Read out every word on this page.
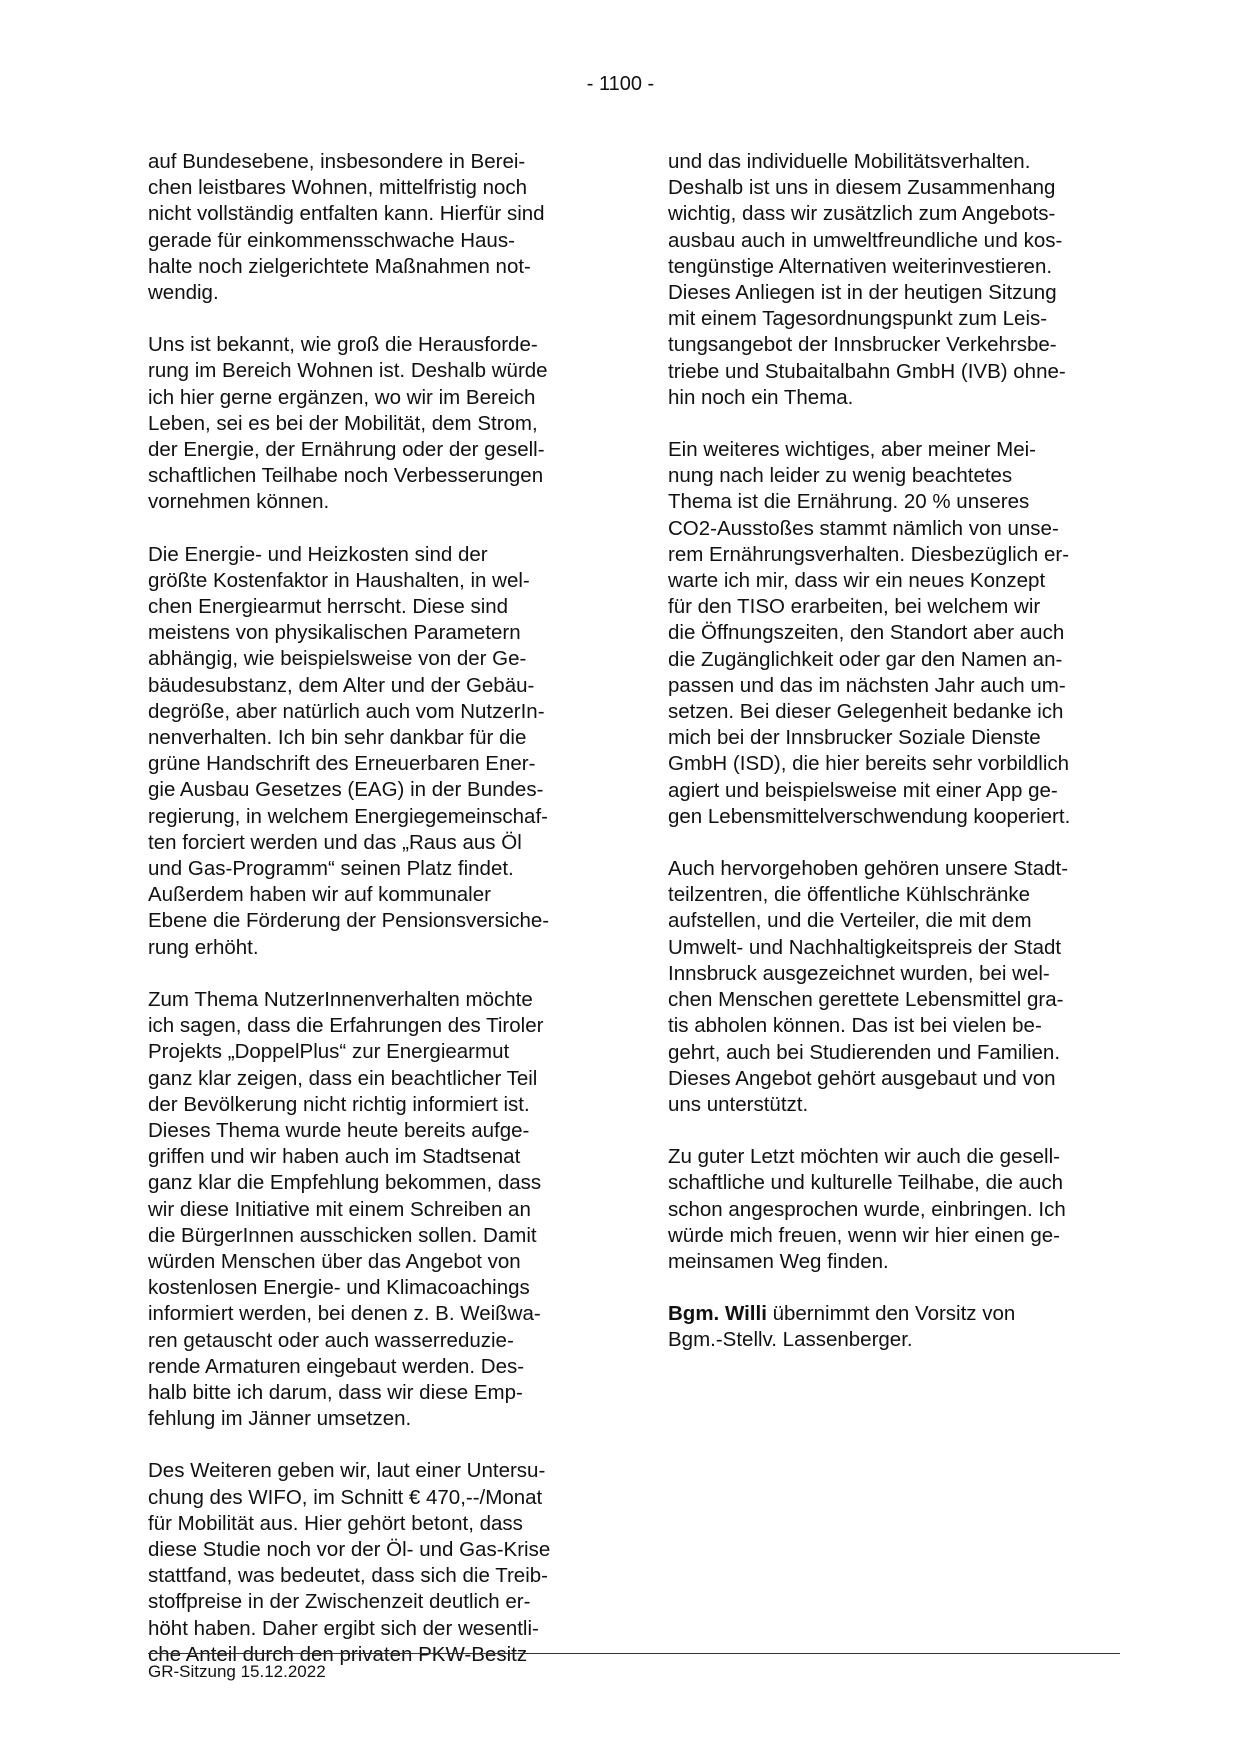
- 1100 -

auf Bundesebene, insbesondere in Berei-
chen leistbares Wohnen, mittelfristig noch
nicht vollständig entfalten kann. Hierfür sind
gerade für einkommensschwache Haus-
halte noch zielgerichtete Maßnahmen not-
wendig.

Uns ist bekannt, wie groß die Herausforde-
rung im Bereich Wohnen ist. Deshalb würde
ich hier gerne ergänzen, wo wir im Bereich
Leben, sei es bei der Mobilität, dem Strom,
der Energie, der Ernährung oder der gesell-
schaftlichen Teilhabe noch Verbesserungen
vornehmen können.

Die Energie- und Heizkosten sind der
größte Kostenfaktor in Haushalten, in wel-
chen Energiearmut herrscht. Diese sind
meistens von physikalischen Parametern
abhängig, wie beispielsweise von der Ge-
bäudesubstanz, dem Alter und der Gebäu-
degröße, aber natürlich auch vom NutzerIn-
nenverhalten. Ich bin sehr dankbar für die
grüne Handschrift des Erneuerbaren Ener-
gie Ausbau Gesetzes (EAG) in der Bundes-
regierung, in welchem Energiegemeinschaf-
ten forciert werden und das „Raus aus Öl
und Gas-Programm“ seinen Platz findet.
Außerdem haben wir auf kommunaler
Ebene die Förderung der Pensionsversiche-
rung erhöht.

Zum Thema NutzerInnenverhalten möchte
ich sagen, dass die Erfahrungen des Tiroler
Projekts „DoppelPlus“ zur Energiearmut
ganz klar zeigen, dass ein beachtlicher Teil
der Bevölkerung nicht richtig informiert ist.
Dieses Thema wurde heute bereits aufge-
griffen und wir haben auch im Stadtsenat
ganz klar die Empfehlung bekommen, dass
wir diese Initiative mit einem Schreiben an
die BürgerInnen ausschicken sollen. Damit
würden Menschen über das Angebot von
kostenlosen Energie- und Klimacoachings
informiert werden, bei denen z. B. Weißwa-
ren getauscht oder auch wasserreduzie-
rende Armaturen eingebaut werden. Des-
halb bitte ich darum, dass wir diese Emp-
fehlung im Jänner umsetzen.

Des Weiteren geben wir, laut einer Untersu-
chung des WIFO, im Schnitt € 470,--/Monat
für Mobilität aus. Hier gehört betont, dass
diese Studie noch vor der Öl- und Gas-Krise
stattfand, was bedeutet, dass sich die Treib-
stoffpreise in der Zwischenzeit deutlich er-
höht haben. Daher ergibt sich der wesentli-
che Anteil durch den privaten PKW-Besitz

und das individuelle Mobilitätsverhalten.
Deshalb ist uns in diesem Zusammenhang
wichtig, dass wir zusätzlich zum Angebots-
ausbau auch in umweltfreundliche und kos-
tengünstige Alternativen weiterinvestieren.
Dieses Anliegen ist in der heutigen Sitzung
mit einem Tagesordnungspunkt zum Leis-
tungsangebot der Innsbrucker Verkehrsbe-
triebe und Stubaitalbahn GmbH (IVB) ohne-
hin noch ein Thema.

Ein weiteres wichtiges, aber meiner Mei-
nung nach leider zu wenig beachtetes
Thema ist die Ernährung. 20 % unseres
CO2-Ausstoßes stammt nämlich von unse-
rem Ernährungsverhalten. Diesbezüglich er-
warte ich mir, dass wir ein neues Konzept
für den TISO erarbeiten, bei welchem wir
die Öffnungszeiten, den Standort aber auch
die Zugänglichkeit oder gar den Namen an-
passen und das im nächsten Jahr auch um-
setzen. Bei dieser Gelegenheit bedanke ich
mich bei der Innsbrucker Soziale Dienste
GmbH (ISD), die hier bereits sehr vorbildlich
agiert und beispielsweise mit einer App ge-
gen Lebensmittelverschwendung kooperiert.

Auch hervorgehoben gehören unsere Stadt-
teilzentren, die öffentliche Kühlschränke
aufstellen, und die Verteiler, die mit dem
Umwelt- und Nachhaltigkeitspreis der Stadt
Innsbruck ausgezeichnet wurden, bei wel-
chen Menschen gerettete Lebensmittel gra-
tis abholen können. Das ist bei vielen be-
gehrt, auch bei Studierenden und Familien.
Dieses Angebot gehört ausgebaut und von
uns unterstützt.

Zu guter Letzt möchten wir auch die gesell-
schaftliche und kulturelle Teilhabe, die auch
schon angesprochen wurde, einbringen. Ich
würde mich freuen, wenn wir hier einen ge-
meinsamen Weg finden.

Bgm. Willi übernimmt den Vorsitz von
Bgm.-Stellv. Lassenberger.

GR-Sitzung 15.12.2022
